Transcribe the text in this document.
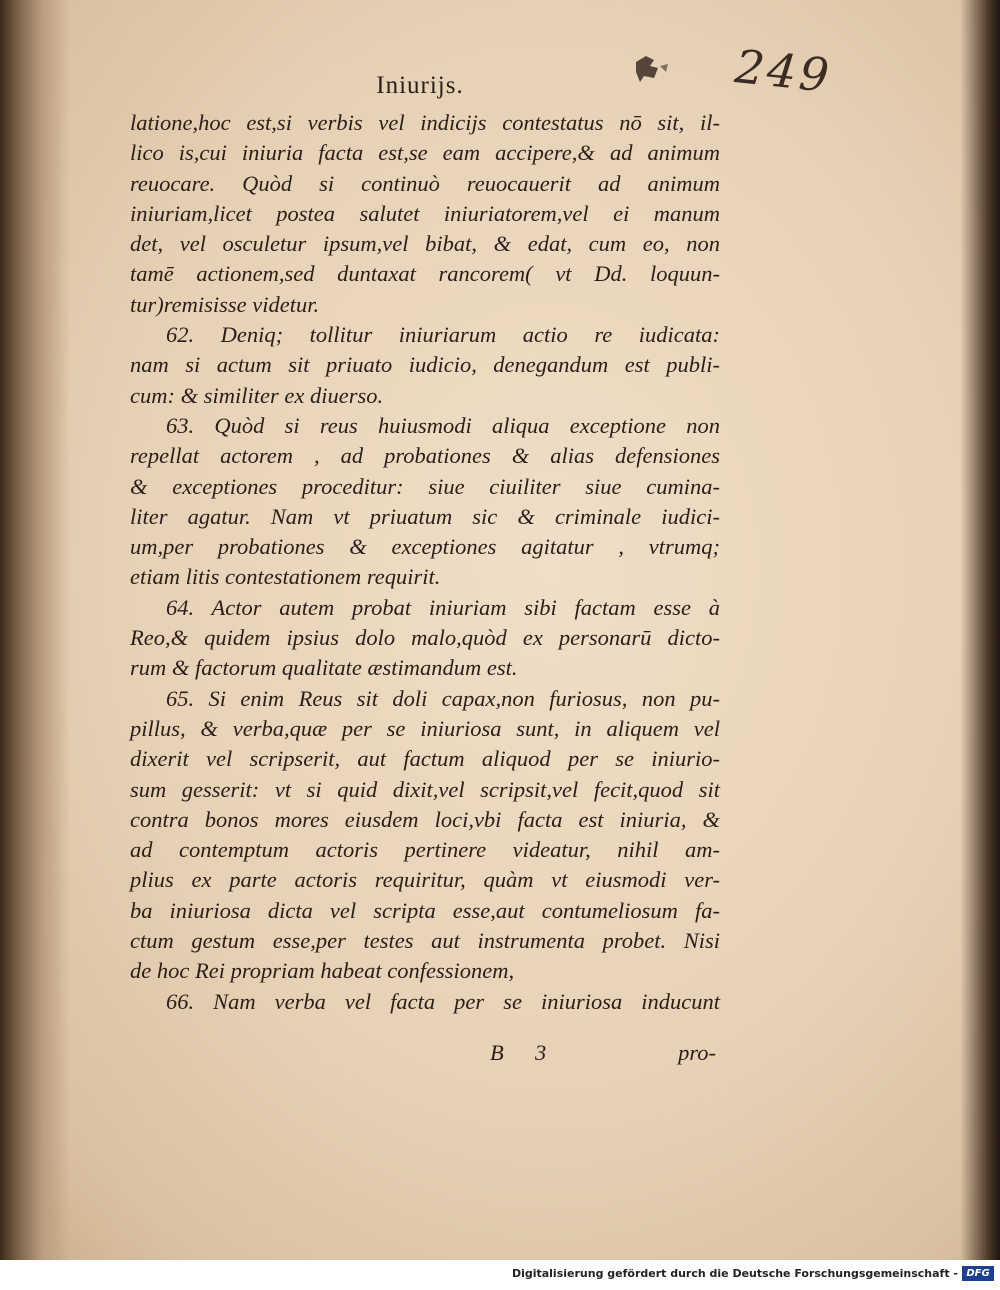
Iniurijs.	249
latione,hoc est,si verbis vel indicijs contestatus nō sit, il-
lico is,cui iniuria facta est,se eam accipere,& ad animum
reuocare. Quòd si continuò reuocauerit ad animum
iniuriam,licet postea salutet iniuriatorem,vel ei manum
det, vel osculetur ipsum,vel bibat, & edat, cum eo, non
tamē actionem,sed duntaxat rancorem( vt Dd. loquun-
tur)remisisse videtur.
62. Deniq; tollitur iniuriarum actio re iudicata:
nam si actum sit priuato iudicio, denegandum est publi-
cum: & similiter ex diuerso.
63. Quòd si reus huiusmodi aliqua exceptione non
repellat actorem , ad probationes & alias defensiones
& exceptiones proceditur: siue ciuiliter siue cumina-
liter agatur. Nam vt priuatum sic & criminale iudici-
um,per probationes & exceptiones agitatur , vtrumq;
etiam litis contestationem requirit.
64. Actor autem probat iniuriam sibi factam esse à
Reo,& quidem ipsius dolo malo,quòd ex personarū dicto-
rum & factorum qualitate æstimandum est.
65. Si enim Reus sit doli capax,non furiosus, non pu-
pillus, & verba,quæ per se iniuriosa sunt, in aliquem vel
dixerit vel scripserit, aut factum aliquod per se iniurio-
sum gesserit: vt si quid dixit,vel scripsit,vel fecit,quod sit
contra bonos mores eiusdem loci,vbi facta est iniuria, &
ad contemptum actoris pertinere videatur, nihil am-
plius ex parte actoris requiritur, quàm vt eiusmodi ver-
ba iniuriosa dicta vel scripta esse,aut contumeliosum fa-
ctum gestum esse,per testes aut instrumenta probet. Nisi
de hoc Rei propriam habeat confessionem,
66. Nam verba vel facta per se iniuriosa inducunt
B 3	pro-
Digitalisierung gefördert durch die Deutsche Forschungsgemeinschaft - DFG
